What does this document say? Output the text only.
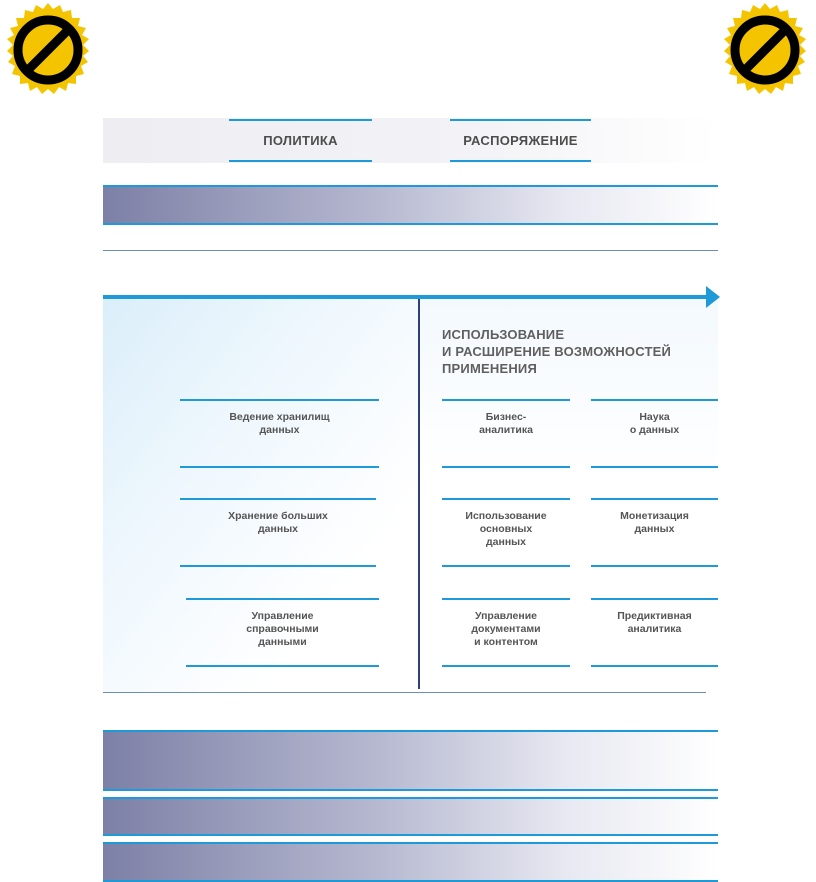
ПОЛИТИКА	РАСПОРЯЖЕНИЕ
ИСПОЛЬЗОВАНИЕ
И РАСШИРЕНИЕ ВОЗМОЖНОСТЕЙ
ПРИМЕНЕНИЯ
Ведение хранилищ
данных
Хранение больших
данных
Управление
справочными
данными
Бизнес-
аналитика
Использование
основных
данных
Управление
документами
и контентом
Наука
о данных
Монетизация
данных
Предиктивная
аналитика
